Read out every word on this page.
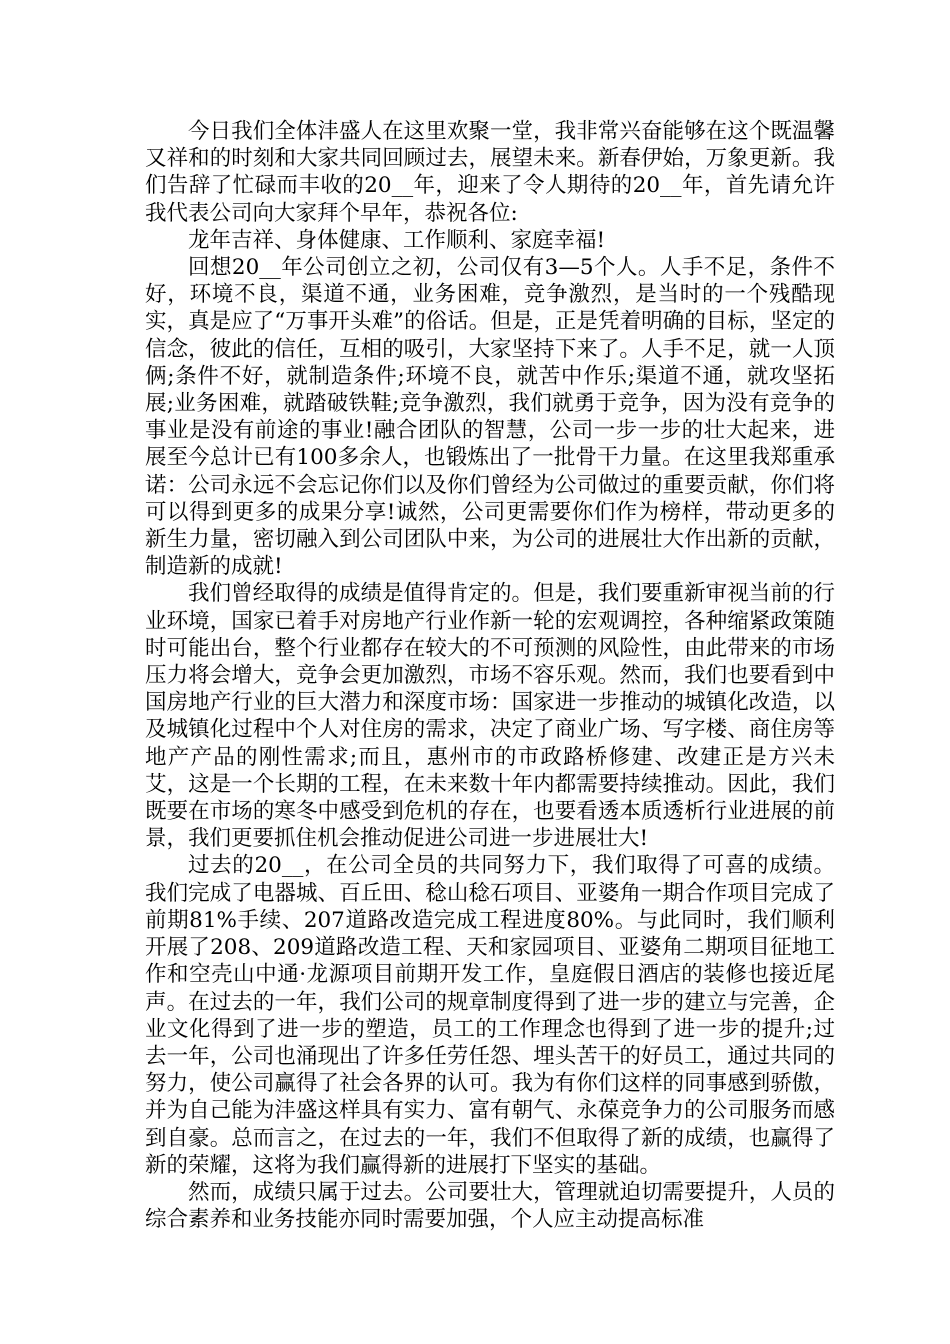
今日我们全体沣盛人在这里欢聚一堂，我非常兴奋能够在这个既温馨又祥和的时刻和大家共同回顾过去，展望未来。新春伊始，万象更新。我们告辞了忙碌而丰收的20__年，迎来了令人期待的20__年，首先请允许我代表公司向大家拜个早年，恭祝各位:

龙年吉祥、身体健康、工作顺利、家庭幸福!

回想20__年公司创立之初，公司仅有3—5个人。人手不足，条件不好，环境不良，渠道不通，业务困难，竞争激烈，是当时的一个残酷现实，真是应了“万事开头难”的俗话。但是，正是凭着明确的目标，坚定的信念，彼此的信任，互相的吸引，大家坚持下来了。人手不足，就一人顶俩;条件不好，就制造条件;环境不良，就苦中作乐;渠道不通，就攻坚拓展;业务困难，就踏破铁鞋;竞争激烈，我们就勇于竞争，因为没有竞争的事业是没有前途的事业!融合团队的智慧，公司一步一步的壮大起来，进展至今总计已有100多余人，也锻炼出了一批骨干力量。在这里我郑重承诺：公司永远不会忘记你们以及你们曾经为公司做过的重要贡献，你们将可以得到更多的成果分享!诚然，公司更需要你们作为榜样，带动更多的新生力量，密切融入到公司团队中来，为公司的进展壮大作出新的贡献，制造新的成就!

我们曾经取得的成绩是值得肯定的。但是，我们要重新审视当前的行业环境，国家已着手对房地产行业作新一轮的宏观调控，各种缩紧政策随时可能出台，整个行业都存在较大的不可预测的风险性，由此带来的市场压力将会增大，竞争会更加激烈，市场不容乐观。然而，我们也要看到中国房地产行业的巨大潜力和深度市场：国家进一步推动的城镇化改造，以及城镇化过程中个人对住房的需求，决定了商业广场、写字楼、商住房等地产产品的刚性需求;而且，惠州市的市政路桥修建、改建正是方兴未艾，这是一个长期的工程，在未来数十年内都需要持续推动。因此，我们既要在市场的寒冬中感受到危机的存在，也要看透本质透析行业进展的前景，我们更要抓住机会推动促进公司进一步进展壮大!

过去的20__，在公司全员的共同努力下，我们取得了可喜的成绩。我们完成了电器城、百丘田、稔山稔石项目、亚婆角一期合作项目完成了前期81%手续、207道路改造完成工程进度80%。与此同时，我们顺利开展了208、209道路改造工程、天和家园项目、亚婆角二期项目征地工作和空壳山中通·龙源项目前期开发工作，皇庭假日酒店的装修也接近尾声。在过去的一年，我们公司的规章制度得到了进一步的建立与完善，企业文化得到了进一步的塑造，员工的工作理念也得到了进一步的提升;过去一年，公司也涌现出了许多任劳任怨、埋头苦干的好员工，通过共同的努力，使公司赢得了社会各界的认可。我为有你们这样的同事感到骄傲，并为自己能为沣盛这样具有实力、富有朝气、永葆竞争力的公司服务而感到自豪。总而言之，在过去的一年，我们不但取得了新的成绩，也赢得了新的荣耀，这将为我们赢得新的进展打下坚实的基础。

然而，成绩只属于过去。公司要壮大，管理就迫切需要提升，人员的综合素养和业务技能亦同时需要加强，个人应主动提高标准
